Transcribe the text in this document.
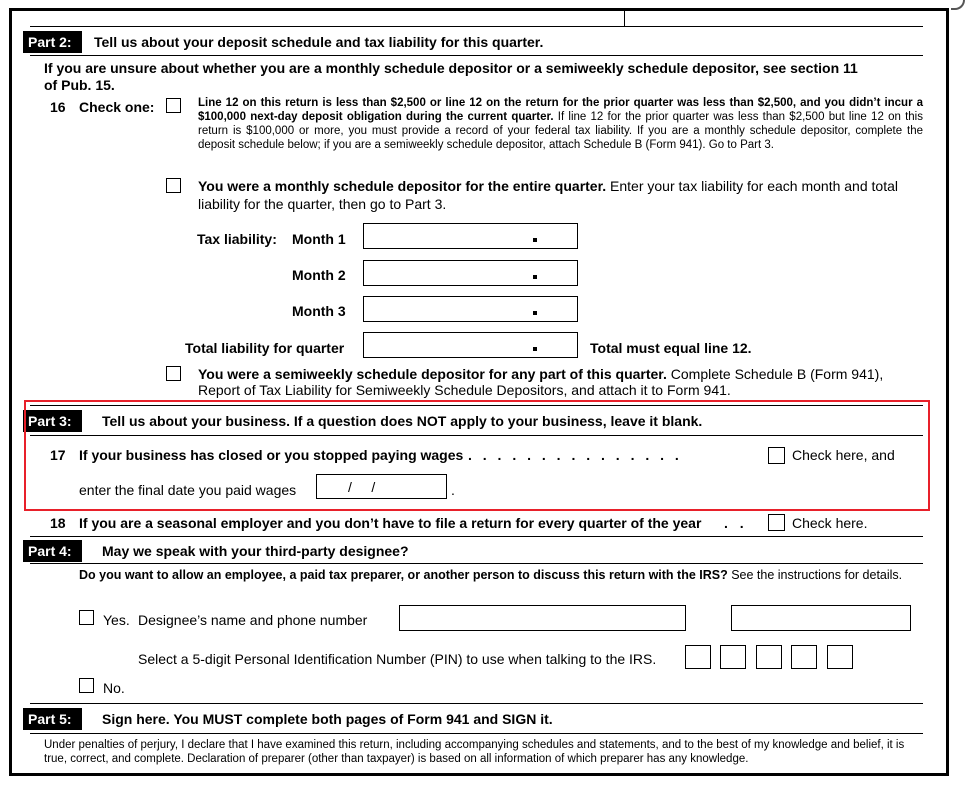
Part 2:	Tell us about your deposit schedule and tax liability for this quarter.
If you are unsure about whether you are a monthly schedule depositor or a semiweekly schedule depositor, see section 11
of Pub. 15.
16 Check one:	Line 12 on this return is less than $2,500 or line 12 on the return for the prior quarter was less than $2,500, and you didn’t incur a $100,000 next-day deposit obligation during the current quarter. If line 12 for the prior quarter was less than $2,500 but line 12 on this return is $100,000 or more, you must provide a record of your federal tax liability. If you are a monthly schedule depositor, complete the deposit schedule below; if you are a semiweekly schedule depositor, attach Schedule B (Form 941). Go to Part 3.
You were a monthly schedule depositor for the entire quarter. Enter your tax liability for each month and total liability for the quarter, then go to Part 3.
Tax liability: Month 1
Month 2
Month 3
Total liability for quarter	Total must equal line 12.
You were a semiweekly schedule depositor for any part of this quarter. Complete Schedule B (Form 941), Report of Tax Liability for Semiweekly Schedule Depositors, and attach it to Form 941.
Part 3:	Tell us about your business. If a question does NOT apply to your business, leave it blank.
17 If your business has closed or you stopped paying wages . . . . . . . . . . . . . . .	Check here, and
enter the final date you paid wages	/     /	.
18 If you are a seasonal employer and you don’t have to file a return for every quarter of the year . .	Check here.
Part 4:	May we speak with your third-party designee?
Do you want to allow an employee, a paid tax preparer, or another person to discuss this return with the IRS? See the instructions for details.
Yes. Designee’s name and phone number
Select a 5-digit Personal Identification Number (PIN) to use when talking to the IRS.
No.
Part 5:	Sign here. You MUST complete both pages of Form 941 and SIGN it.
Under penalties of perjury, I declare that I have examined this return, including accompanying schedules and statements, and to the best of my knowledge and belief, it is true, correct, and complete. Declaration of preparer (other than taxpayer) is based on all information of which preparer has any knowledge.
